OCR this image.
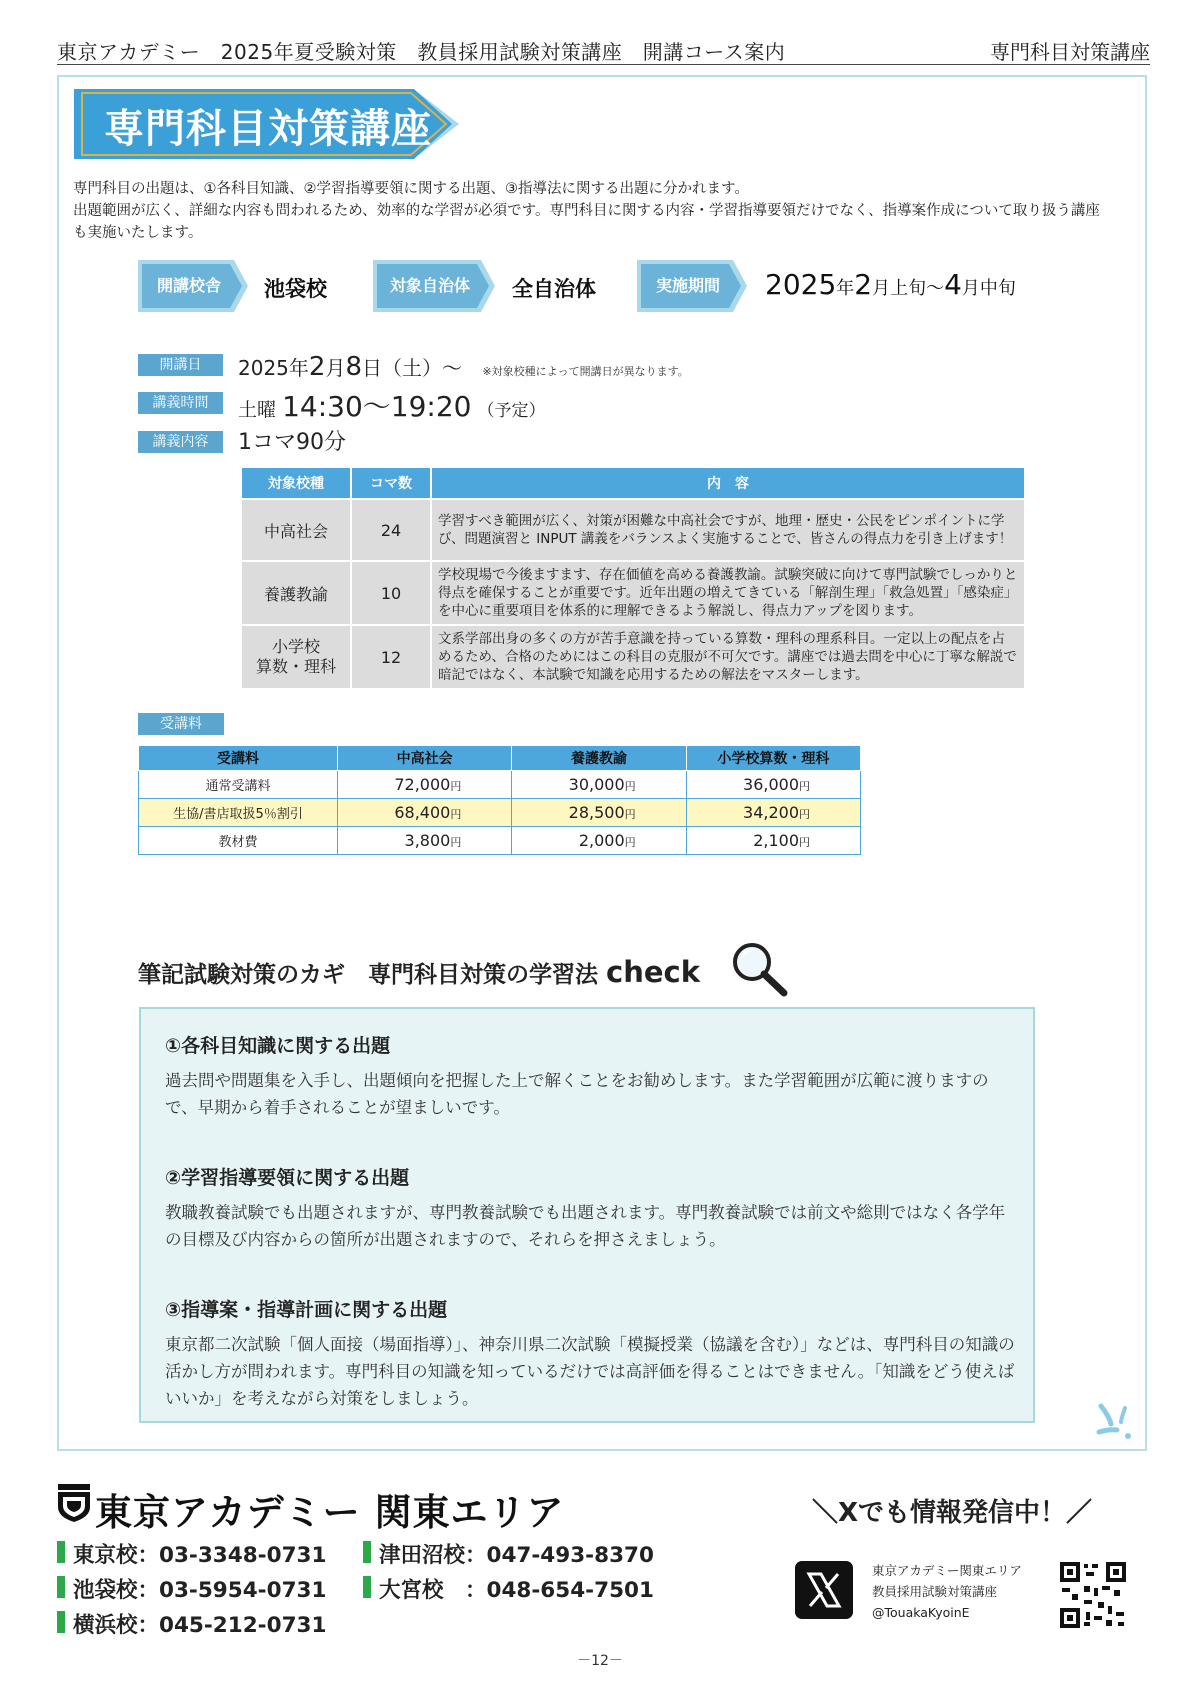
東京アカデミー　2025年夏受験対策　教員採用試験対策講座　開講コース案内	専門科目対策講座
専門科目対策講座
専門科目の出題は、①各科目知識、②学習指導要領に関する出題、③指導法に関する出題に分かれます。
出題範囲が広く、詳細な内容も問われるため、効率的な学習が必須です。専門科目に関する内容・学習指導要領だけでなく、指導案作成について取り扱う講座
も実施いたします。
開講校舎	池袋校	対象自治体	全自治体	実施期間	2025年2月上旬〜4月中旬
開講日	2025年2月8日（土）〜 ※対象校種によって開講日が異なります。
講義時間	土曜 14:30〜19:20 （予定）
講義内容	1コマ90分
対象校種	コマ数	内　容
中高社会	24	学習すべき範囲が広く、対策が困難な中高社会ですが、地理・歴史・公民をピンポイントに学び、問題演習と INPUT 講義をバランスよく実施することで、皆さんの得点力を引き上げます！
養護教諭	10	学校現場で今後ますます、存在価値を高める養護教諭。試験突破に向けて専門試験でしっかりと得点を確保することが重要です。近年出題の増えてきている「解剖生理」「救急処置」「感染症」を中心に重要項目を体系的に理解できるよう解説し、得点力アップを図ります。
小学校
算数・理科	12	文系学部出身の多くの方が苦手意識を持っている算数・理科の理系科目。一定以上の配点を占めるため、合格のためにはこの科目の克服が不可欠です。講座では過去問を中心に丁寧な解説で暗記ではなく、本試験で知識を応用するための解法をマスターします。
受講料
受講料	中高社会	養護教諭	小学校算数・理科
通常受講料	72,000円	30,000円	36,000円
生協/書店取扱5％割引	68,400円	28,500円	34,200円
教材費	3,800円	2,000円	2,100円
筆記試験対策のカギ　専門科目対策の学習法 check
①各科目知識に関する出題
過去問や問題集を入手し、出題傾向を把握した上で解くことをお勧めします。また学習範囲が広範に渡りますので、早期から着手されることが望ましいです。
②学習指導要領に関する出題
教職教養試験でも出題されますが、専門教養試験でも出題されます。専門教養試験では前文や総則ではなく各学年の目標及び内容からの箇所が出題されますので、それらを押さえましょう。
③指導案・指導計画に関する出題
東京都二次試験「個人面接（場面指導）」、神奈川県二次試験「模擬授業（協議を含む）」などは、専門科目の知識の活かし方が問われます。専門科目の知識を知っているだけでは高評価を得ることはできません。「知識をどう使えばいいか」を考えながら対策をしましょう。
東京アカデミー 関東エリア
東京校：03-3348-0731
池袋校：03-5954-0731
横浜校：045-212-0731
津田沼校：047-493-8370
大宮校　：048-654-7501
＼Xでも情報発信中！／
東京アカデミー関東エリア
教員採用試験対策講座
@TouakaKyoinE
－12－
